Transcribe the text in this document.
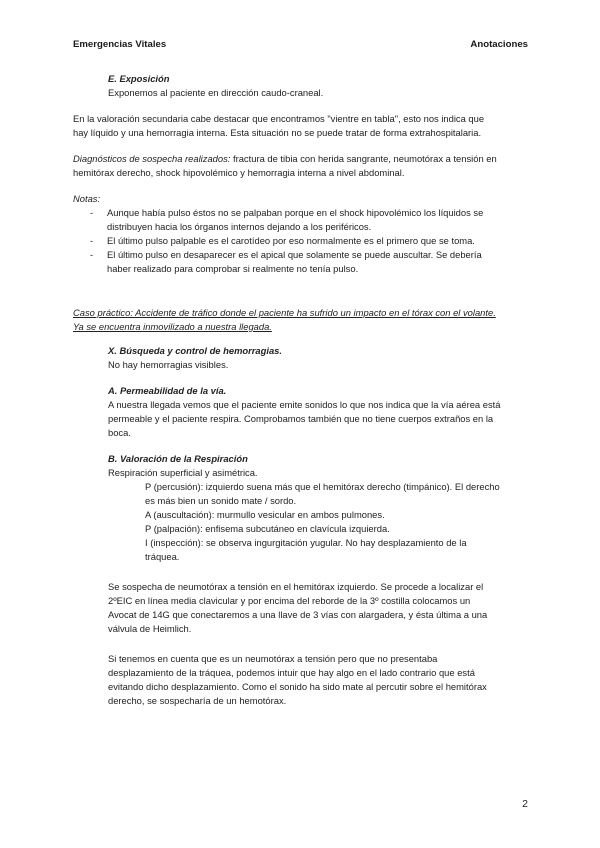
Emergencias Vitales	Anotaciones

E. Exposición

Exponemos al paciente en dirección caudo-craneal.

En la valoración secundaria cabe destacar que encontramos "vientre en tabla", esto nos indica que

hay líquido y una hemorragia interna. Esta situación no se puede tratar de forma extrahospitalaria.

Diagnósticos de sospecha realizados: fractura de tibia con herida sangrante, neumotórax a tensión en

hemitórax derecho, shock hipovolémico y hemorragia interna a nivel abdominal.

Notas:

- Aunque había pulso éstos no se palpaban porque en el shock hipovolémico los líquidos se
distribuyen hacia los órganos internos dejando a los periféricos.
- El último pulso palpable es el carotídeo por eso normalmente es el primero que se toma.
- El último pulso en desaparecer es el apical que solamente se puede auscultar. Se debería
haber realizado para comprobar si realmente no tenía pulso.

Caso práctico: Accidente de tráfico donde el paciente ha sufrido un impacto en el tórax con el volante.

Ya se encuentra inmovilizado a nuestra llegada.

X. Búsqueda y control de hemorragias.

No hay hemorragias visibles.

A. Permeabilidad de la vía.

A nuestra llegada vemos que el paciente emite sonidos lo que nos indica que la vía aérea está

permeable y el paciente respira. Comprobamos también que no tiene cuerpos extraños en la

boca.

B. Valoración de la Respiración

Respiración superficial y asimétrica.

P (percusión): izquierdo suena más que el hemitórax derecho (timpánico). El derecho

es más bien un sonido mate / sordo.

A (auscultación): murmullo vesicular en ambos pulmones.

P (palpación): enfisema subcutáneo en clavícula izquierda.

I (inspección): se observa ingurgitación yugular. No hay desplazamiento de la

tráquea.

Se sospecha de neumotórax a tensión en el hemitórax izquierdo. Se procede a localizar el

2ºEIC en línea media clavicular y por encima del reborde de la 3º costilla colocamos un

Avocat de 14G que conectaremos a una llave de 3 vías con alargadera, y ésta última a una

válvula de Heimlich.

Si tenemos en cuenta que es un neumotórax a tensión pero que no presentaba

desplazamiento de la tráquea, podemos intuir que hay algo en el lado contrario que está

evitando dicho desplazamiento. Como el sonido ha sido mate al percutir sobre el hemitórax

derecho, se sospecharía de un hemotórax.

2
